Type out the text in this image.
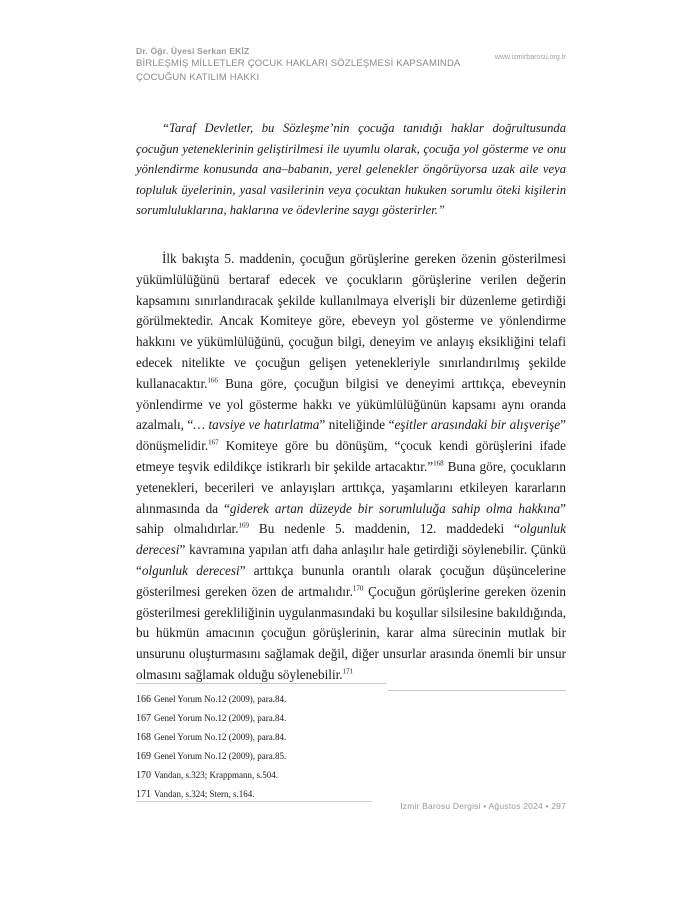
Dr. Öğr. Üyesi Serkan EKİZ
BİRLEŞMİŞ MİLLETLER ÇOCUK HAKLARI SÖZLEŞMESİ KAPSAMINDA
ÇOCUĞUN KATILIM HAKKI
www.izmirbarosu.org.tr

“Taraf Devletler, bu Sözleşme’nin çocuğa tanıdığı haklar doğrultusunda çocuğun yeteneklerinin geliştirilmesi ile uyumlu olarak, çocuğa yol gösterme ve onu yönlendirme konusunda ana–babanın, yerel gelenekler öngörüyorsa uzak aile veya topluluk üyelerinin, yasal vasilerinin veya çocuktan hukuken sorumlu öteki kişilerin sorumluluklarına, haklarına ve ödevlerine saygı gösterirler.”

İlk bakışta 5. maddenin, çocuğun görüşlerine gereken özenin gösterilmesi yükümlülüğünü bertaraf edecek ve çocukların görüşlerine verilen değerin kapsamını sınırlandıracak şekilde kullanılmaya elverişli bir düzenleme getirdiği görülmektedir. Ancak Komiteye göre, ebeveyn yol gösterme ve yönlendirme hakkını ve yükümlülüğünü, çocuğun bilgi, deneyim ve anlayış eksikliğini telafi edecek nitelikte ve çocuğun gelişen yetenekleriyle sınırlandırılmış şekilde kullanacaktır.$^{166}$ Buna göre, çocuğun bilgisi ve deneyimi arttıkça, ebeveynin yönlendirme ve yol gösterme hakkı ve yükümlülüğünün kapsamı aynı oranda azalmalı, “… tavsiye ve hatırlatma” niteliğinde “eşitler arasındaki bir alışverişe” dönüşmelidir.$^{167}$ Komiteye göre bu dönüşüm, “çocuk kendi görüşlerini ifade etmeye teşvik edildikçe istikrarlı bir şekilde artacaktır.”$^{168}$ Buna göre, çocukların yetenekleri, becerileri ve anlayışları arttıkça, yaşamlarını etkileyen kararların alınmasında da “giderek artan düzeyde bir sorumluluğa sahip olma hakkına” sahip olmalıdırlar.$^{169}$ Bu nedenle 5. maddenin, 12. maddedeki “olgunluk derecesi” kavramına yapılan atfı daha anlaşılır hale getirdiği söylenebilir. Çünkü “olgunluk derecesi” arttıkça bununla orantılı olarak çocuğun düşüncelerine gösterilmesi gereken özen de artmalıdır.$^{170}$ Çocuğun görüşlerine gereken özenin gösterilmesi gerekliliğinin uygulanmasındaki bu koşullar silsilesine bakıldığında, bu hükmün amacının çocuğun görüşlerinin, karar alma sürecinin mutlak bir unsurunu oluşturmasını sağlamak değil, diğer unsurlar arasında önemli bir unsur olmasını sağlamak olduğu söylenebilir.$^{171}$

166 Genel Yorum No.12 (2009), para.84.
167 Genel Yorum No.12 (2009), para.84.
168 Genel Yorum No.12 (2009), para.84.
169 Genel Yorum No.12 (2009), para.85.
170 Vandan, s.323; Krappmann, s.504.
171 Vandan, s.324; Stern, s.164.
İzmir Barosu Dergisi • Ağustos 2024 • 297
